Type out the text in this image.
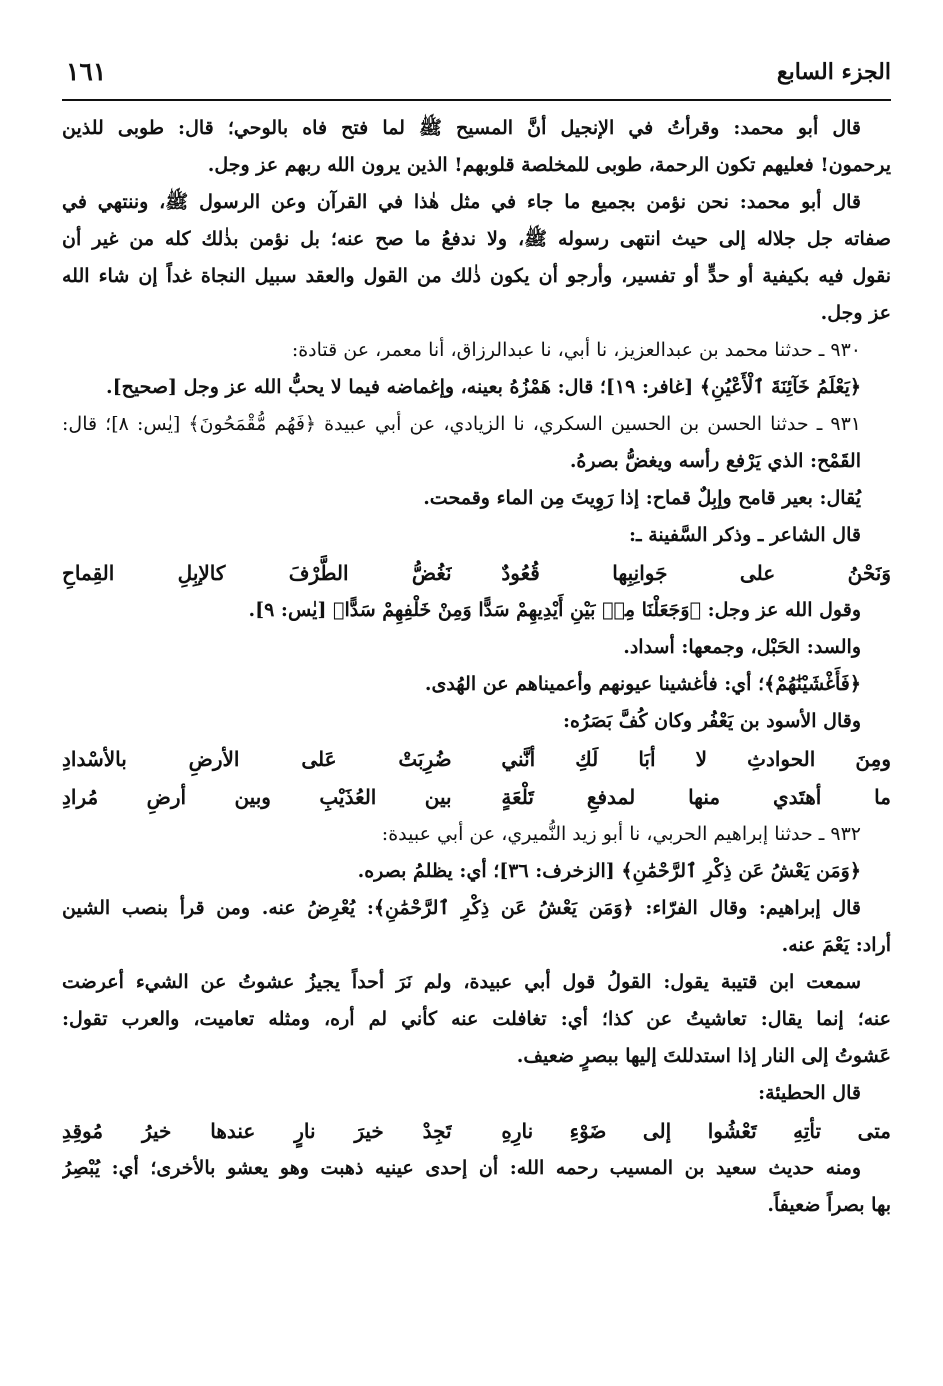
١٦١	الجزء السابع
قال أبو محمد: وقرأتُ في الإنجيل أنَّ المسيح ﷺ لما فتح فاه بالوحي؛ قال: طوبى للذين
يرحمون! فعليهم تكون الرحمة، طوبى للمخلصة قلوبهم! الذين يرون الله ربهم عز وجل.
قال أبو محمد: نحن نؤمن بجميع ما جاء في مثل هٰذا في القرآن وعن الرسول ﷺ، وننتهي في
صفاته جل جلاله إلى حيث انتهى رسوله ﷺ، ولا ندفعُ ما صح عنه؛ بل نؤمن بذٰلك كله من غير أن
نقول فيه بكيفية أو حدٍّ أو تفسير، وأرجو أن يكون ذٰلك من القول والعقد سبيل النجاة غداً إن شاء الله
عز وجل.
٩٣٠ ـ حدثنا محمد بن عبدالعزيز، نا أبي، نا عبدالرزاق، أنا معمر، عن قتادة:
﴿يَعْلَمُ خَآئِنَةَ ٱلْأَعْيُنِ﴾ [غافر: ١٩]؛ قال: هَمْزُهُ بعينه، وإغماضه فيما لا يحبُّ الله عز وجل [صحيح].
٩٣١ ـ حدثنا الحسن بن الحسين السكري، نا الزيادي، عن أبي عبيدة ﴿فَهُم مُّقْمَحُونَ﴾ [يٰس: ٨]؛ قال:
القَمْح: الذي يَرْفع رأسه ويغضُّ بصرهُ.
يُقال: بعير قامح وإبِلٌ قماح: إذا رَوِيتَ مِن الماء وقمحت.
قال الشاعر ـ وذكر السَّفينة ـ:
وَنَحْنُ على جَوانِبِها قُعُودٌ
نَغُضُّ الطَّرْفَ كالإبِلِ القِماحِ
وقول الله عز وجل: ﴿وَجَعَلْنَا مِنۢ بَيْنِ أَيْدِيهِمْ سَدًّا وَمِنْ خَلْفِهِمْ سَدًّا﴾ [يٰس: ٩].
والسد: الحَبْل، وجمعها: أسداد.
﴿فَأَغْشَيْنَٰهُمْ﴾؛ أي: فأغشينا عيونهم وأعميناهم عن الهُدى.
وقال الأسود بن يَعْفُر وكان كُفَّ بَصَرُه:
ومِنَ الحوادثِ لا أبَا لَكِ أنَّني
ضُرِبَتْ عَلى الأرضِ بالأسْدادِ
ما أهتَدي منها لمدفعِ تَلْعَةٍ
بين العُذَيْبِ وبين أرضِ مُرادِ
٩٣٢ ـ حدثنا إبراهيم الحربي، نا أبو زيد النُّميري، عن أبي عبيدة:
﴿وَمَن يَعْشُ عَن ذِكْرِ ٱلرَّحْمَٰنِ﴾ [الزخرف: ٣٦]؛ أي: يظلمُ بصره.
قال إبراهيم: وقال الفرّاء: ﴿وَمَن يَعْشُ عَن ذِكْرِ ٱلرَّحْمَٰنِ﴾: يُعْرِضُ عنه. ومن قرأ بنصب الشين
أراد: يَعْمَ عنه.
سمعت ابن قتيبة يقول: القولُ قول أبي عبيدة، ولم نَرَ أحداً يجيزُ عشوتُ عن الشيء أعرضت
عنه؛ إنما يقال: تعاشيتُ عن كذا؛ أي: تغافلت عنه كأني لم أره، ومثله تعاميت، والعرب تقول:
عَشوتُ إلى النار إذا استدللتَ إليها ببصرٍ ضعيف.
قال الحطيئة:
متى تأتِهِ تَعْشُوا إلى ضَوْءِ نارِهِ
تَجِدْ خيرَ نارٍ عندها خيرُ مُوقِدِ
ومنه حديث سعيد بن المسيب رحمه الله: أن إحدى عينيه ذهبت وهو يعشو بالأخرى؛ أي: يُبْصِرُ
بها بصراً ضعيفاً.
